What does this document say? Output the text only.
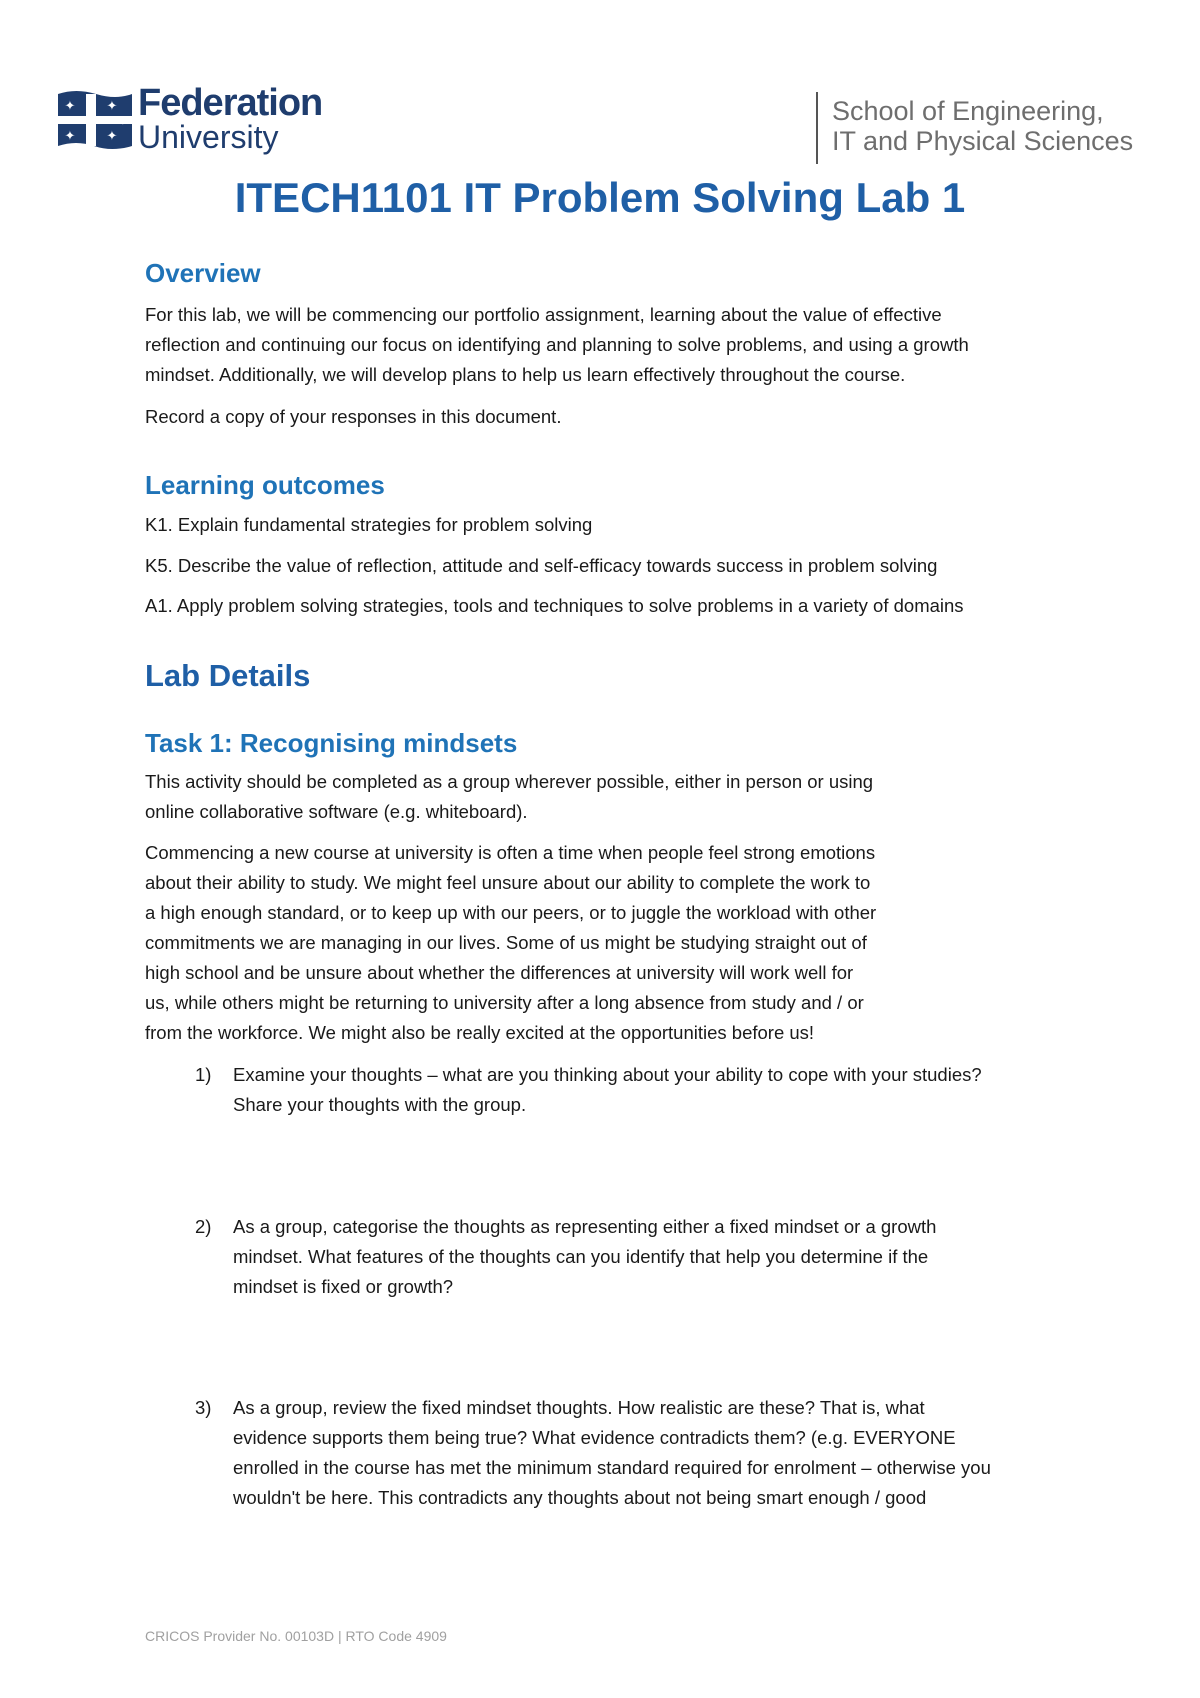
✦ ✦
✦ ✦
✦ Federation
University
School of Engineering,
IT and Physical Sciences
ITECH1101 IT Problem Solving Lab 1
Overview

For this lab, we will be commencing our portfolio assignment, learning about the value of effective
reflection and continuing our focus on identifying and planning to solve problems, and using a growth
mindset. Additionally, we will develop plans to help us learn effectively throughout the course.

Record a copy of your responses in this document.

Learning outcomes

K1. Explain fundamental strategies for problem solving

K5. Describe the value of reflection, attitude and self-efficacy towards success in problem solving

A1. Apply problem solving strategies, tools and techniques to solve problems in a variety of domains

Lab Details
Task 1: Recognising mindsets

This activity should be completed as a group wherever possible, either in person or using
online collaborative software (e.g. whiteboard).

Commencing a new course at university is often a time when people feel strong emotions
about their ability to study. We might feel unsure about our ability to complete the work to
a high enough standard, or to keep up with our peers, or to juggle the workload with other
commitments we are managing in our lives. Some of us might be studying straight out of
high school and be unsure about whether the differences at university will work well for
us, while others might be returning to university after a long absence from study and / or
from the workforce. We might also be really excited at the opportunities before us!

1)	Examine your thoughts – what are you thinking about your ability to cope with your studies?
Share your thoughts with the group.
2)	As a group, categorise the thoughts as representing either a fixed mindset or a growth
mindset. What features of the thoughts can you identify that help you determine if the
mindset is fixed or growth?
3)	As a group, review the fixed mindset thoughts. How realistic are these? That is, what
evidence supports them being true? What evidence contradicts them? (e.g. EVERYONE
enrolled in the course has met the minimum standard required for enrolment – otherwise you
wouldn't be here. This contradicts any thoughts about not being smart enough / good
CRICOS Provider No. 00103D | RTO Code 4909
